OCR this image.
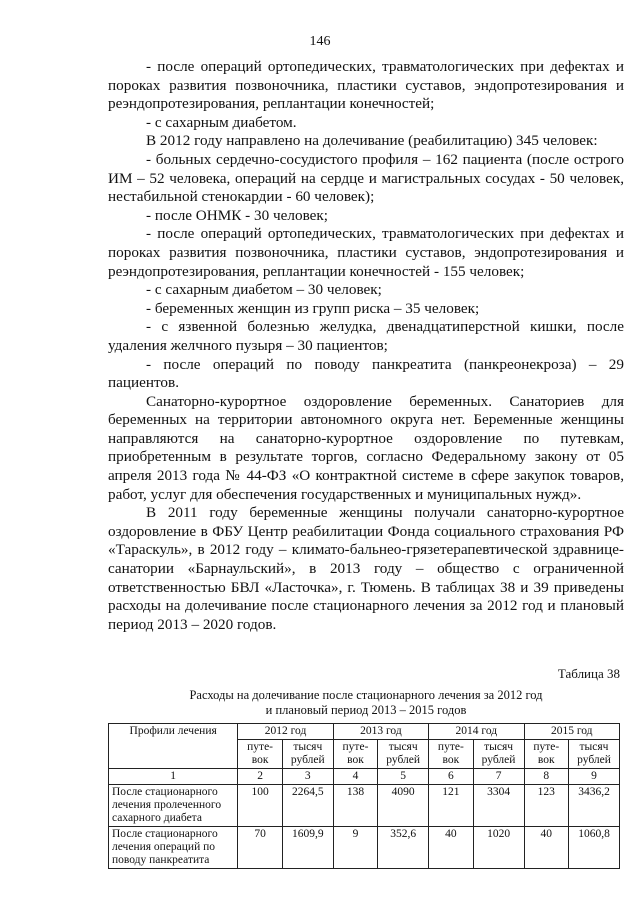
146

- после операций ортопедических, травматологических при дефектах и пороках развития позвоночника, пластики суставов, эндопротезирования и реэндопротезирования, реплантации конечностей;

- с сахарным диабетом.

В 2012 году направлено на долечивание (реабилитацию) 345 человек:

- больных сердечно-сосудистого профиля – 162 пациента (после острого ИМ – 52 человека, операций на сердце и магистральных сосудах - 50 человек, нестабильной стенокардии - 60 человек);

- после ОНМК - 30 человек;

- после операций ортопедических, травматологических при дефектах и пороках развития позвоночника, пластики суставов, эндопротезирования и реэндопротезирования, реплантации конечностей - 155 человек;

- с сахарным диабетом – 30 человек;

- беременных женщин из групп риска – 35 человек;

- с язвенной болезнью желудка, двенадцатиперстной кишки, после удаления желчного пузыря – 30 пациентов;

- после операций по поводу панкреатита (панкреонекроза) – 29 пациентов.

Санаторно-курортное оздоровление беременных. Санаториев для беременных на территории автономного округа нет. Беременные женщины направляются на санаторно-курортное оздоровление по путевкам, приобретенным в результате торгов, согласно Федеральному закону от 05 апреля 2013 года № 44-ФЗ «О контрактной системе в сфере закупок товаров, работ, услуг для обеспечения государственных и муниципальных нужд».

В 2011 году беременные женщины получали санаторно-курортное оздоровление в ФБУ Центр реабилитации Фонда социального страхования РФ «Тараскуль», в 2012 году – климато-бальнео-грязетерапевтической здравнице-санатории «Барнаульский», в 2013 году – общество с ограниченной ответственностью БВЛ «Ласточка», г. Тюмень. В таблицах 38 и 39 приведены расходы на долечивание после стационарного лечения за 2012 год и плановый период 2013 – 2020 годов.

Таблица 38
Расходы на долечивание после стационарного лечения за 2012 год
и плановый период 2013 – 2015 годов
Профили лечения	2012 год		2013 год		2014 год		2015 год	
	путе-вок	тысяч рублей	путе-вок	тысяч рублей	путе-вок	тысяч рублей	путе-вок	тысяч рублей
1	2	3	4	5	6	7	8	9
После стационарного лечения пролеченного сахарного диабета	100	2264,5	138	4090	121	3304	123	3436,2
После стационарного лечения операций по поводу панкреатита	70	1609,9	9	352,6	40	1020	40	1060,8
